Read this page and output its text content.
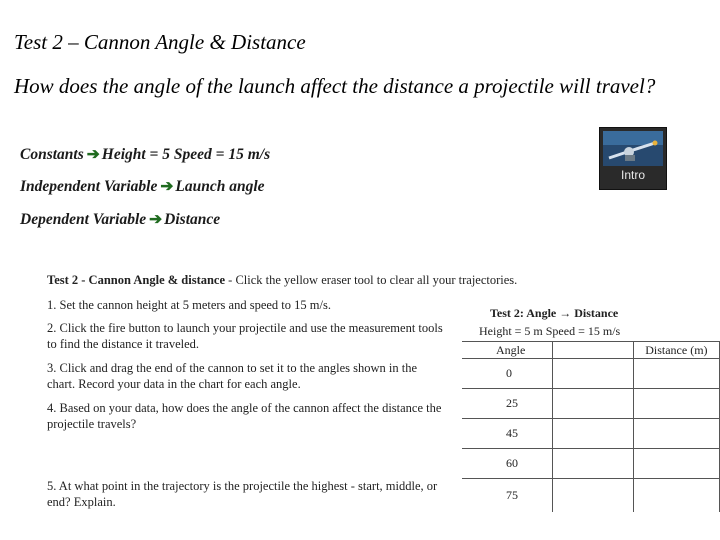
Test 2 – Cannon Angle & Distance

How does the angle of the launch affect the distance a projectile will travel?

Constants ➔ Height = 5 Speed = 15 m/s
Independent Variable ➔ Launch angle
Dependent Variable ➔ Distance
Intro
Test 2 - Cannon Angle & distance - Click the yellow eraser tool to clear all your trajectories.
1. Set the cannon height at 5 meters and speed to 15 m/s.
2. Click the fire button to launch your projectile and use the measurement tools to find the distance it traveled.
3. Click and drag the end of the cannon to set it to the angles shown in the chart. Record your data in the chart for each angle.
4. Based on your data, how does the angle of the cannon affect the distance the projectile travels?
5. At what point in the trajectory is the projectile the highest - start, middle, or end? Explain.
Test 2: Angle → Distance
Height = 5 m Speed = 15 m/s
Angle		Distance (m)
0		
25		
45		
60		
75		
